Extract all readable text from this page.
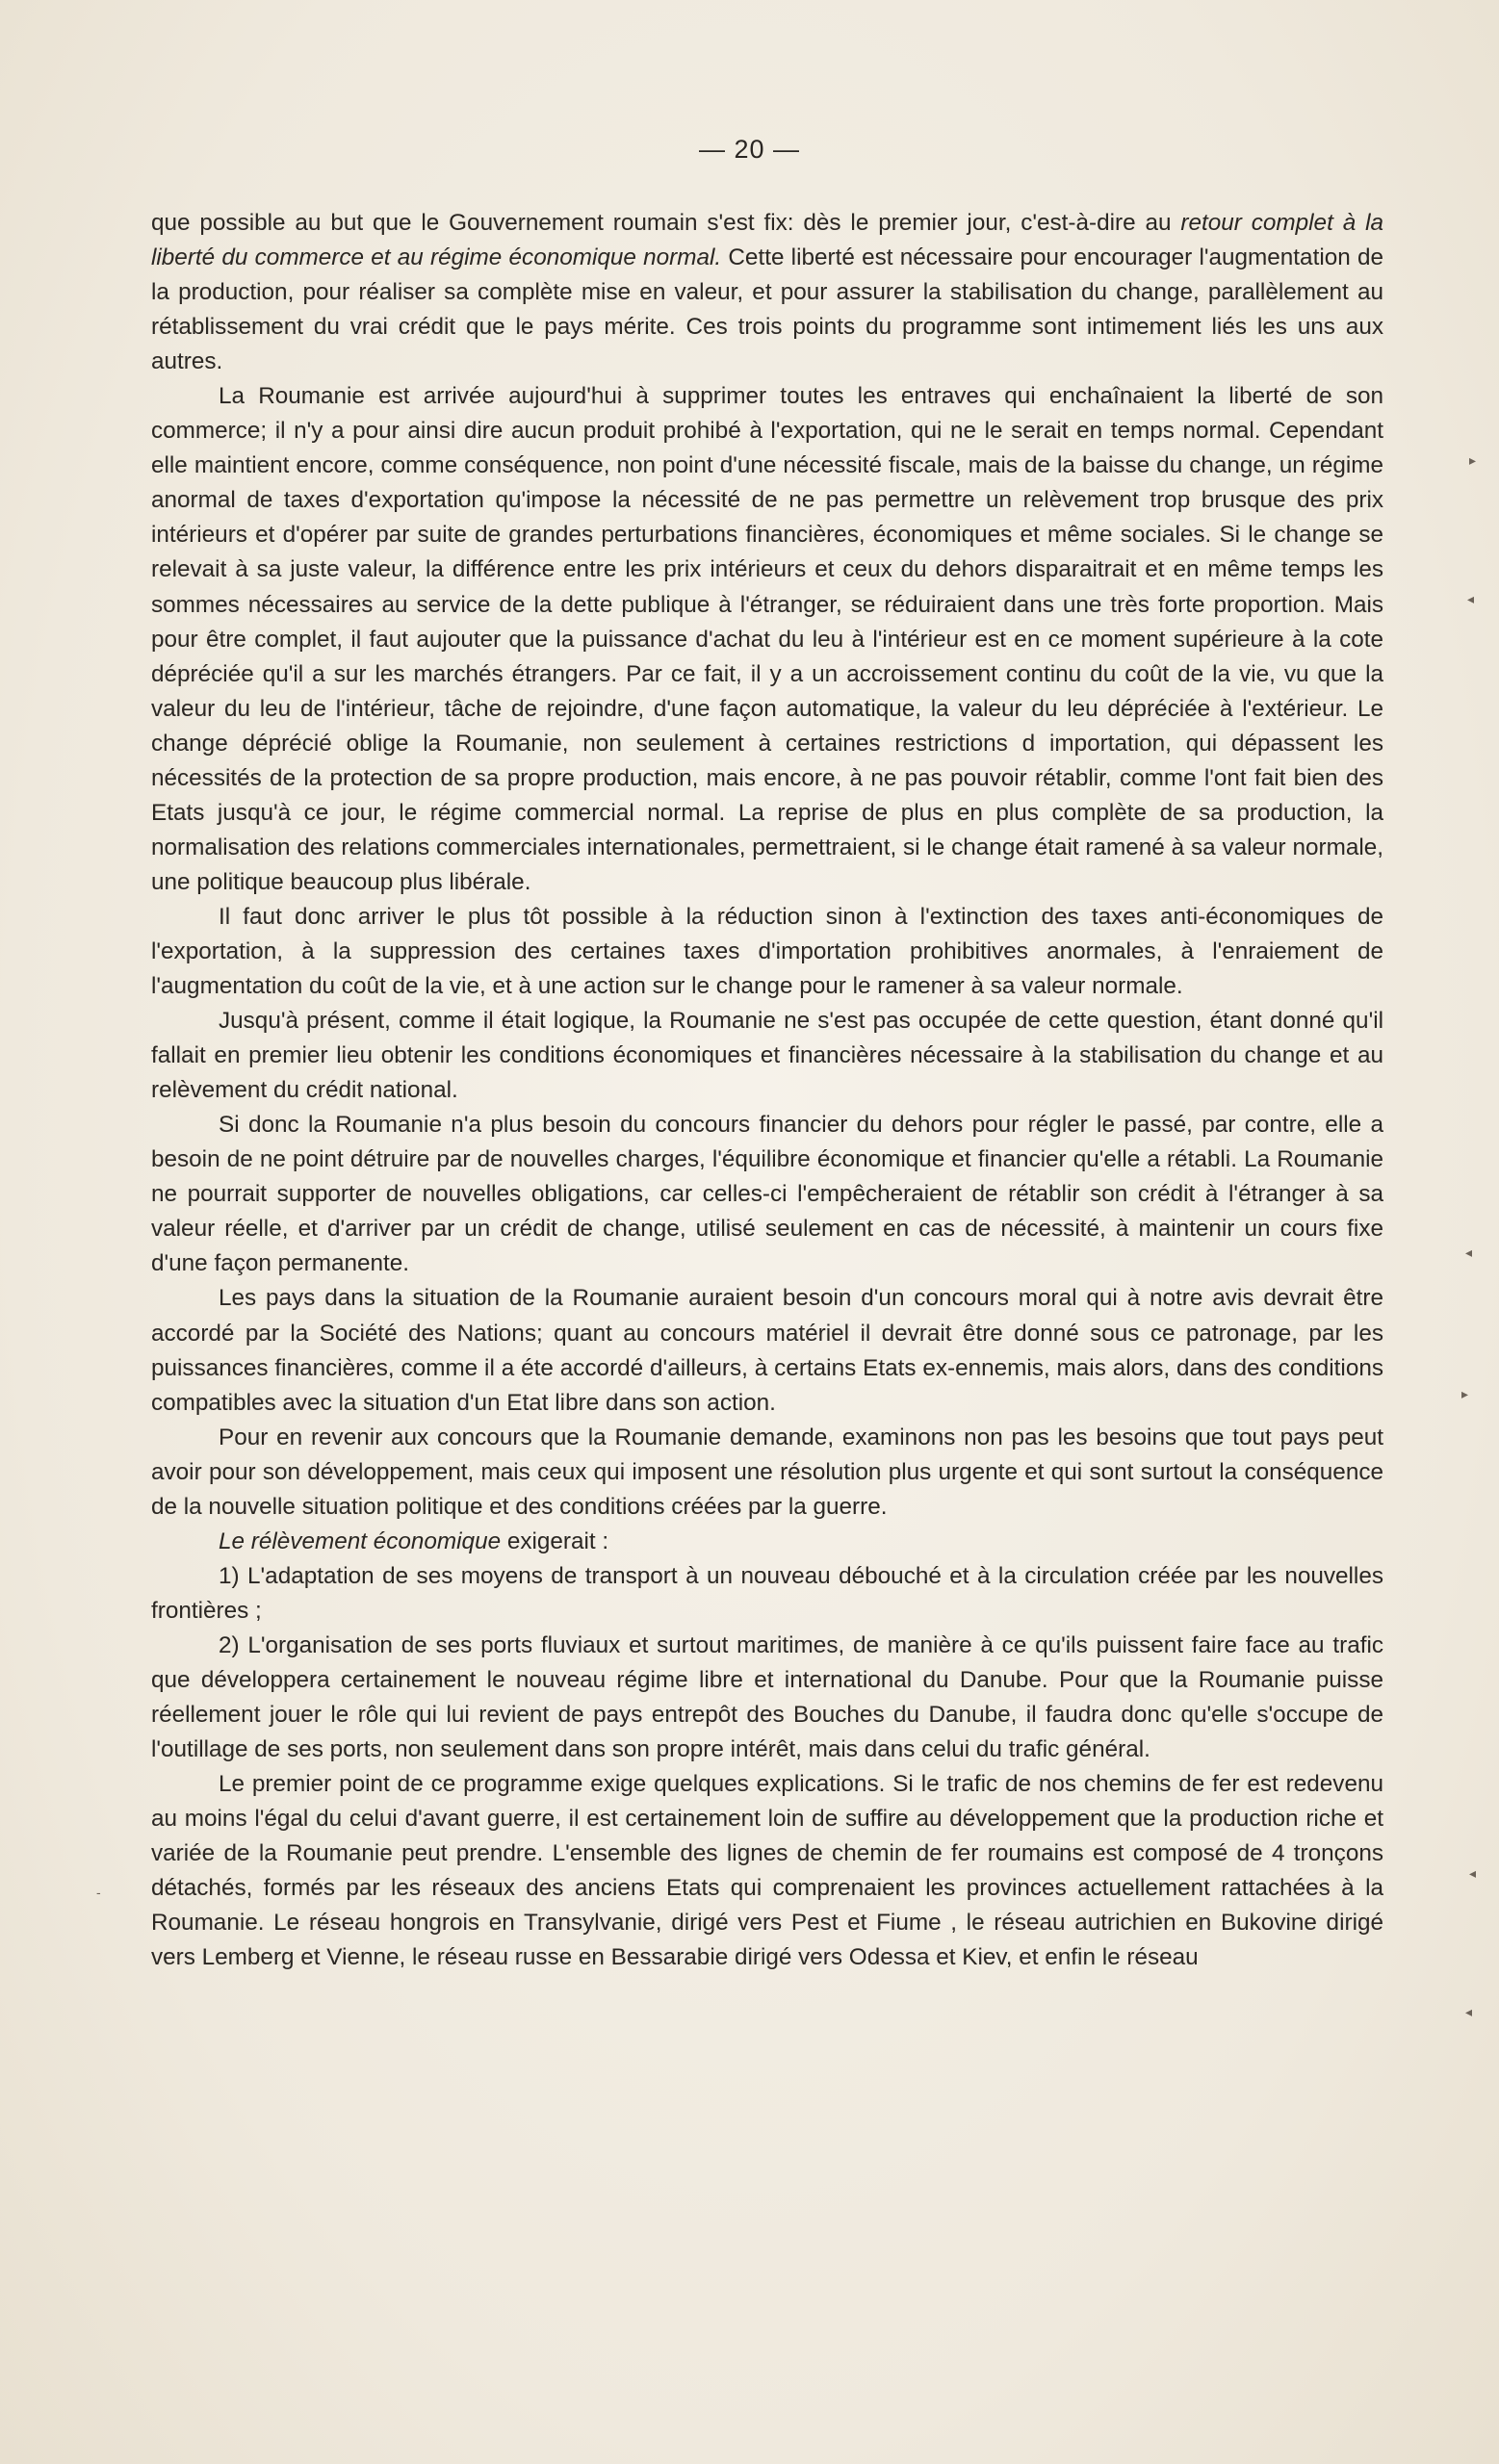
— 20 —

que possible au but que le Gouvernement roumain s'est fix: dès le premier jour, c'est-à-dire au retour complet à la liberté du commerce et au régime économique normal. Cette liberté est nécessaire pour encourager l'augmentation de la production, pour réaliser sa complète mise en valeur, et pour assurer la stabilisation du change, parallèlement au rétablissement du vrai crédit que le pays mérite. Ces trois points du programme sont intimement liés les uns aux autres.

La Roumanie est arrivée aujourd'hui à supprimer toutes les entraves qui enchaînaient la liberté de son commerce; il n'y a pour ainsi dire aucun produit prohibé à l'exportation, qui ne le serait en temps normal. Cependant elle maintient encore, comme conséquence, non point d'une nécessité fiscale, mais de la baisse du change, un régime anormal de taxes d'exportation qu'impose la nécessité de ne pas permettre un relèvement trop brusque des prix intérieurs et d'opérer par suite de grandes perturbations financières, économiques et même sociales. Si le change se relevait à sa juste valeur, la différence entre les prix intérieurs et ceux du dehors disparaitrait et en même temps les sommes nécessaires au service de la dette publique à l'étranger, se réduiraient dans une très forte proportion. Mais pour être complet, il faut aujouter que la puissance d'achat du leu à l'intérieur est en ce moment supérieure à la cote dépréciée qu'il a sur les marchés étrangers. Par ce fait, il y a un accroissement continu du coût de la vie, vu que la valeur du leu de l'intérieur, tâche de rejoindre, d'une façon automatique, la valeur du leu dépréciée à l'extérieur. Le change déprécié oblige la Roumanie, non seulement à certaines restrictions d importation, qui dépassent les nécessités de la protection de sa propre production, mais encore, à ne pas pouvoir rétablir, comme l'ont fait bien des Etats jusqu'à ce jour, le régime commercial normal. La reprise de plus en plus complète de sa production, la normalisation des relations commerciales internationales, permettraient, si le change était ramené à sa valeur normale, une politique beaucoup plus libérale.

Il faut donc arriver le plus tôt possible à la réduction sinon à l'extinction des taxes anti-économiques de l'exportation, à la suppression des certaines taxes d'importation prohibitives anormales, à l'enraiement de l'augmentation du coût de la vie, et à une action sur le change pour le ramener à sa valeur normale.

Jusqu'à présent, comme il était logique, la Roumanie ne s'est pas occupée de cette question, étant donné qu'il fallait en premier lieu obtenir les conditions économiques et financières nécessaire à la stabilisation du change et au relèvement du crédit national.

Si donc la Roumanie n'a plus besoin du concours financier du dehors pour régler le passé, par contre, elle a besoin de ne point détruire par de nouvelles charges, l'équilibre économique et financier qu'elle a rétabli. La Roumanie ne pourrait supporter de nouvelles obligations, car celles-ci l'empêcheraient de rétablir son crédit à l'étranger à sa valeur réelle, et d'arriver par un crédit de change, utilisé seulement en cas de nécessité, à maintenir un cours fixe d'une façon permanente.

Les pays dans la situation de la Roumanie auraient besoin d'un concours moral qui à notre avis devrait être accordé par la Société des Nations; quant au concours matériel il devrait être donné sous ce patronage, par les puissances financières, comme il a éte accordé d'ailleurs, à certains Etats ex-ennemis, mais alors, dans des conditions compatibles avec la situation d'un Etat libre dans son action.

Pour en revenir aux concours que la Roumanie demande, examinons non pas les besoins que tout pays peut avoir pour son développement, mais ceux qui imposent une résolution plus urgente et qui sont surtout la conséquence de la nouvelle situation politique et des conditions créées par la guerre.

Le rélèvement économique exigerait :

1) L'adaptation de ses moyens de transport à un nouveau débouché et à la circulation créée par les nouvelles frontières ;

2) L'organisation de ses ports fluviaux et surtout maritimes, de manière à ce qu'ils puissent faire face au trafic que développera certainement le nouveau régime libre et international du Danube. Pour que la Roumanie puisse réellement jouer le rôle qui lui revient de pays entrepôt des Bouches du Danube, il faudra donc qu'elle s'occupe de l'outillage de ses ports, non seulement dans son propre intérêt, mais dans celui du trafic général.

Le premier point de ce programme exige quelques explications. Si le trafic de nos chemins de fer est redevenu au moins l'égal du celui d'avant guerre, il est certainement loin de suffire au développement que la production riche et variée de la Roumanie peut prendre. L'ensemble des lignes de chemin de fer roumains est composé de 4 tronçons détachés, formés par les réseaux des anciens Etats qui comprenaient les provinces actuellement rattachées à la Roumanie. Le réseau hongrois en Transylvanie, dirigé vers Pest et Fiume , le réseau autrichien en Bukovine dirigé vers Lemberg et Vienne, le réseau russe en Bessarabie dirigé vers Odessa et Kiev, et enfin le réseau

▸
◂
◂
▸
◂
◂
-
